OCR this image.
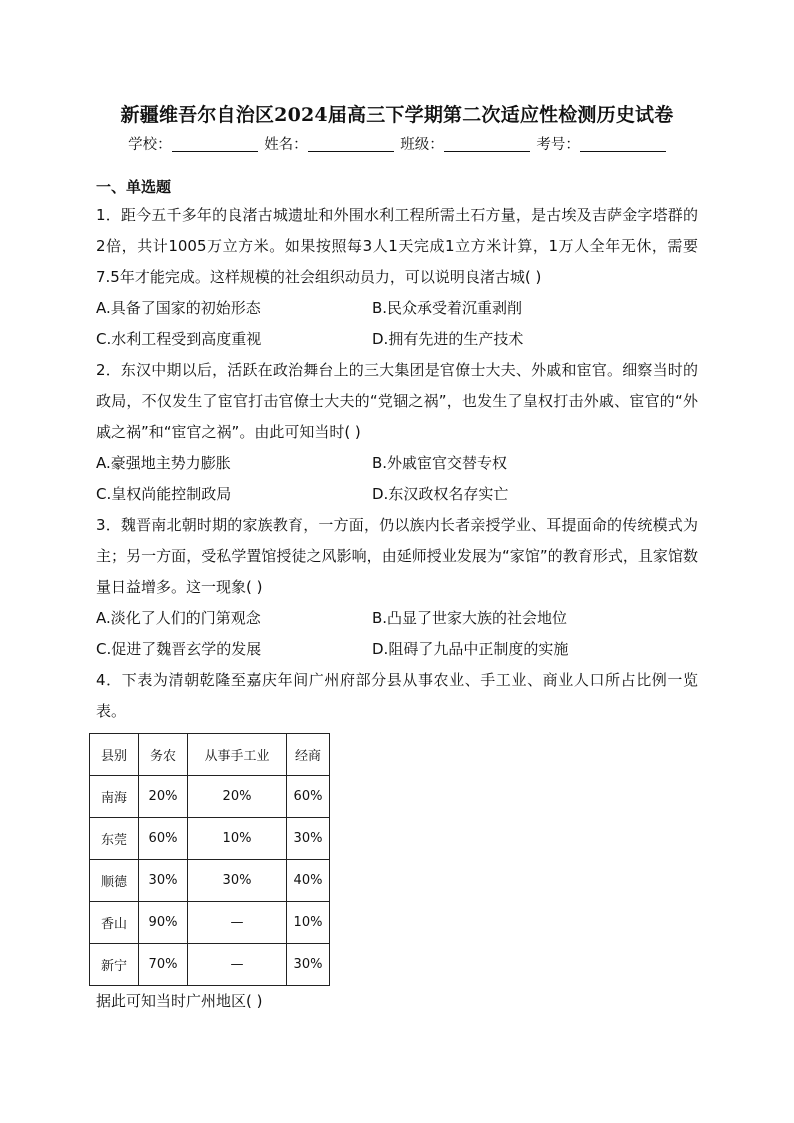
新疆维吾尔自治区2024届高三下学期第二次适应性检测历史试卷
学校：	姓名：	班级：	考号：
一、单选题
1．距今五千多年的良渚古城遗址和外围水利工程所需土石方量，是古埃及吉萨金字塔群的2倍，共计1005万立方米。如果按照每3人1天完成1立方米计算，1万人全年无休，需要7.5年才能完成。这样规模的社会组织动员力，可以说明良渚古城( )
A.具备了国家的初始形态	B.民众承受着沉重剥削
C.水利工程受到高度重视	D.拥有先进的生产技术
2．东汉中期以后，活跃在政治舞台上的三大集团是官僚士大夫、外戚和宦官。细察当时的政局，不仅发生了宦官打击官僚士大夫的“党锢之祸”，也发生了皇权打击外戚、宦官的“外戚之祸”和“宦官之祸”。由此可知当时( )
A.豪强地主势力膨胀	B.外戚宦官交替专权
C.皇权尚能控制政局	D.东汉政权名存实亡
3．魏晋南北朝时期的家族教育，一方面，仍以族内长者亲授学业、耳提面命的传统模式为主；另一方面，受私学置馆授徒之风影响，由延师授业发展为“家馆”的教育形式，且家馆数量日益增多。这一现象( )
A.淡化了人们的门第观念	B.凸显了世家大族的社会地位
C.促进了魏晋玄学的发展	D.阻碍了九品中正制度的实施
4．下表为清朝乾隆至嘉庆年间广州府部分县从事农业、手工业、商业人口所占比例一览表。
县别	务农	从事手工业	经商
南海	20%	20%	60%
东莞	60%	10%	30%
顺德	30%	30%	40%
香山	90%	—	10%
新宁	70%	—	30%
据此可知当时广州地区( )
